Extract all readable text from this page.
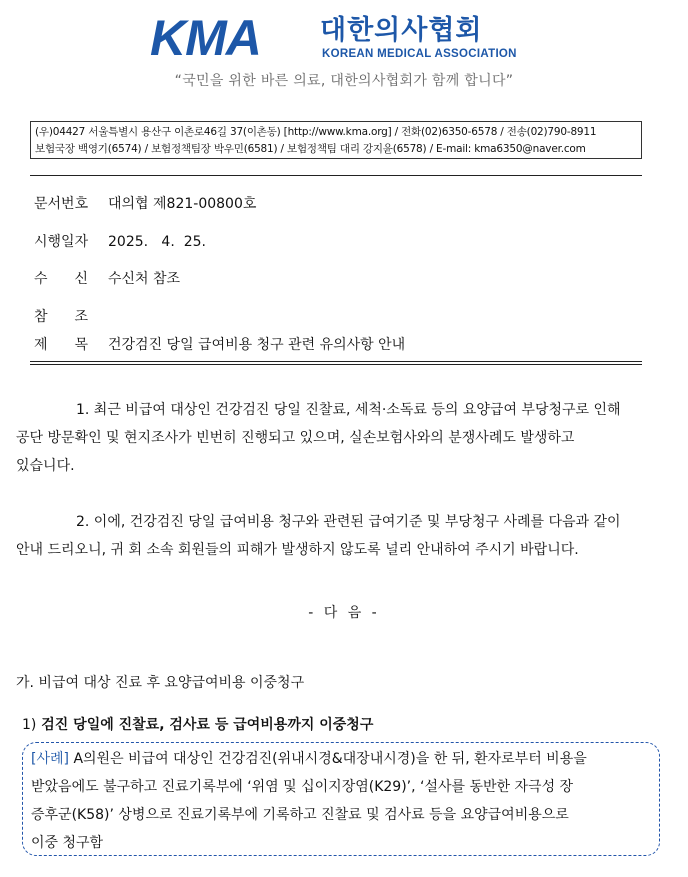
KMA 대한의사협회
KOREAN MEDICAL ASSOCIATION
“국민을 위한 바른 의료, 대한의사협회가 함께 합니다”
(우)04427 서울특별시 용산구 이촌로46길 37(이촌동) [http://www.kma.org] / 전화(02)6350-6578 / 전송(02)790-8911
보험국장 백영기(6574) / 보험정책팀장 박우민(6581) / 보험정책팀 대리 강지윤(6578) / E-mail: kma6350@naver.com
문서번호 대의협 제821-00800호
시행일자 2025.   4.  25.
수신수신처 참조
참조
제목건강검진 당일 급여비용 청구 관련 유의사항 안내
1. 최근 비급여 대상인 건강검진 당일 진찰료, 세척·소독료 등의 요양급여 부당청구로 인해
공단 방문확인 및 현지조사가 빈번히 진행되고 있으며, 실손보험사와의 분쟁사례도 발생하고
있습니다.
2. 이에, 건강검진 당일 급여비용 청구와 관련된 급여기준 및 부당청구 사례를 다음과 같이
안내 드리오니, 귀 회 소속 회원들의 피해가 발생하지 않도록 널리 안내하여 주시기 바랍니다.
- 다 음 -
가. 비급여 대상 진료 후 요양급여비용 이중청구
1) 검진 당일에 진찰료, 검사료 등 급여비용까지 이중청구
[사례] A의원은 비급여 대상인 건강검진(위내시경&대장내시경)을 한 뒤, 환자로부터 비용을
받았음에도 불구하고 진료기록부에 ‘위염 및 십이지장염(K29)’, ‘설사를 동반한 자극성 장
증후군(K58)’ 상병으로 진료기록부에 기록하고 진찰료 및 검사료 등을 요양급여비용으로
이중 청구함
